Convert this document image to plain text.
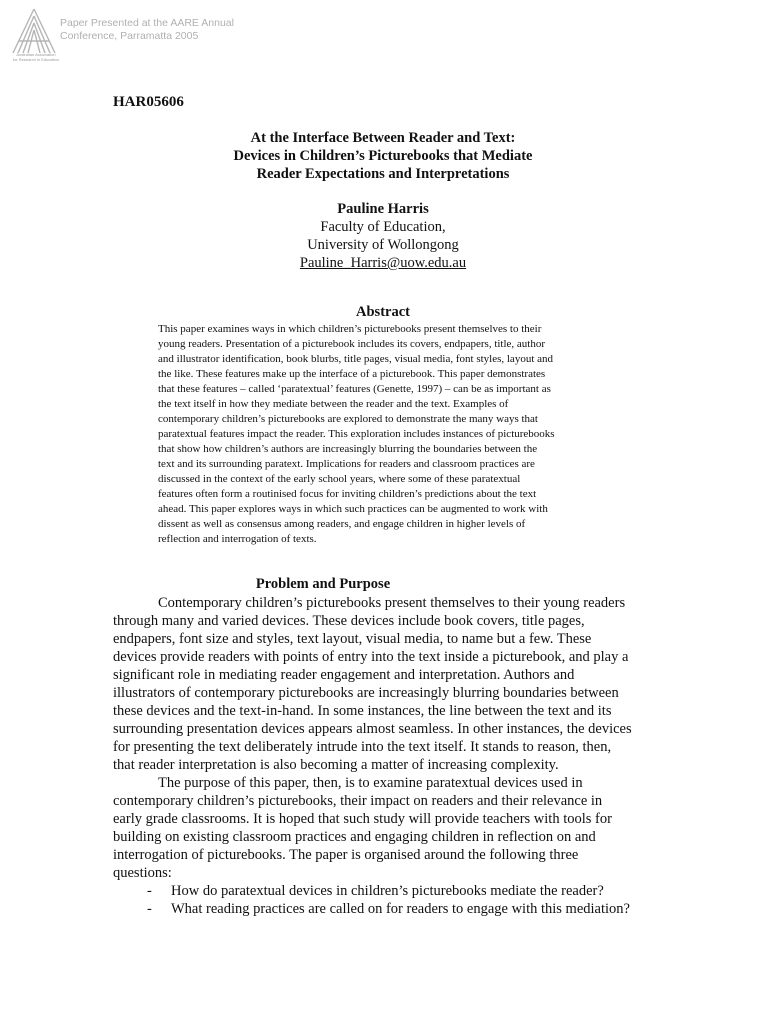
Australian Association
for Research in Education
Paper Presented at the AARE Annual
Conference, Parramatta 2005
HAR05606
At the Interface Between Reader and Text:
Devices in Children’s Picturebooks that Mediate
Reader Expectations and Interpretations
Pauline Harris
Faculty of Education,
University of Wollongong
Pauline_Harris@uow.edu.au
Abstract
This paper examines ways in which children’s picturebooks present themselves to their
young readers. Presentation of a picturebook includes its covers, endpapers, title, author
and illustrator identification, book blurbs, title pages, visual media, font styles, layout and
the like. These features make up the interface of a picturebook. This paper demonstrates
that these features – called ‘paratextual’ features (Genette, 1997) – can be as important as
the text itself in how they mediate between the reader and the text. Examples of
contemporary children’s picturebooks are explored to demonstrate the many ways that
paratextual features impact the reader. This exploration includes instances of picturebooks
that show how children’s authors are increasingly blurring the boundaries between the
text and its surrounding paratext. Implications for readers and classroom practices are
discussed in the context of the early school years, where some of these paratextual
features often form a routinised focus for inviting children’s predictions about the text
ahead. This paper explores ways in which such practices can be augmented to work with
dissent as well as consensus among readers, and engage children in higher levels of
reflection and interrogation of texts.
Problem and Purpose
Contemporary children’s picturebooks present themselves to their young readers
through many and varied devices. These devices include book covers, title pages,
endpapers, font size and styles, text layout, visual media, to name but a few. These
devices provide readers with points of entry into the text inside a picturebook, and play a
significant role in mediating reader engagement and interpretation. Authors and
illustrators of contemporary picturebooks are increasingly blurring boundaries between
these devices and the text-in-hand. In some instances, the line between the text and its
surrounding presentation devices appears almost seamless. In other instances, the devices
for presenting the text deliberately intrude into the text itself. It stands to reason, then,
that reader interpretation is also becoming a matter of increasing complexity.
The purpose of this paper, then, is to examine paratextual devices used in
contemporary children’s picturebooks, their impact on readers and their relevance in
early grade classrooms. It is hoped that such study will provide teachers with tools for
building on existing classroom practices and engaging children in reflection on and
interrogation of picturebooks. The paper is organised around the following three
questions:
- How do paratextual devices in children’s picturebooks mediate the reader?
- What reading practices are called on for readers to engage with this mediation?
